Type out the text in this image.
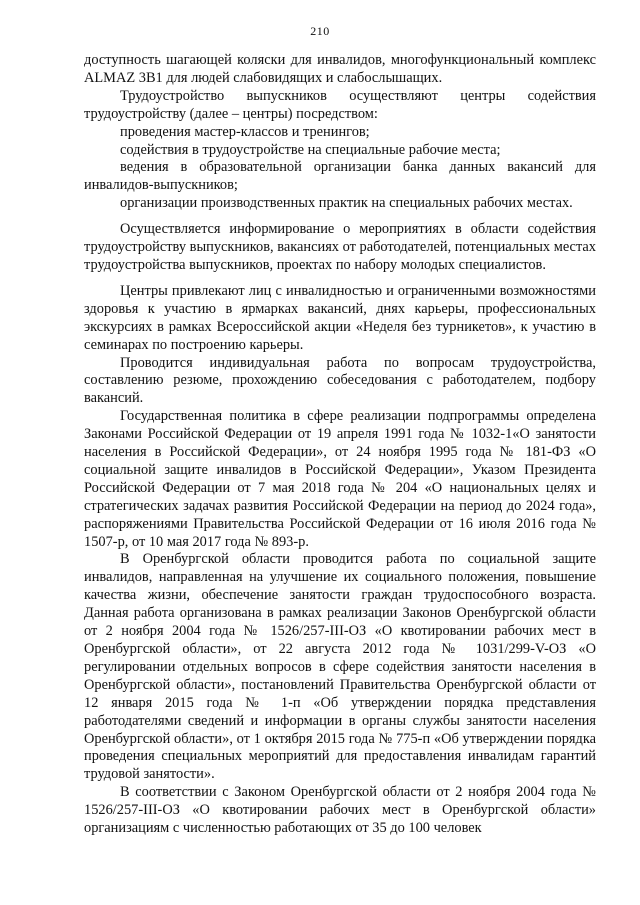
210

доступность шагающей коляски для инвалидов, многофункциональный комплекс ALMAZ 3B1 для людей слабовидящих и слабослышащих.

Трудоустройство выпускников осуществляют центры содействия трудоустройству (далее – центры) посредством:

проведения мастер-классов и тренингов;

содействия в трудоустройстве на специальные рабочие места;

ведения в образовательной организации банка данных вакансий для инвалидов-выпускников;

организации производственных практик на специальных рабочих местах.

Осуществляется информирование о мероприятиях в области содействия трудоустройству выпускников, вакансиях от работодателей, потенциальных местах трудоустройства выпускников, проектах по набору молодых специалистов.

Центры привлекают лиц с инвалидностью и ограниченными возможностями здоровья к участию в ярмарках вакансий, днях карьеры, профессиональных экскурсиях в рамках Всероссийской акции «Неделя без турникетов», к участию в семинарах по построению карьеры.

Проводится индивидуальная работа по вопросам трудоустройства, составлению резюме, прохождению собеседования с работодателем, подбору вакансий.

Государственная политика в сфере реализации подпрограммы определена Законами Российской Федерации от 19 апреля 1991 года № 1032-1«О занятости населения в Российской Федерации», от 24 ноября 1995 года № 181-ФЗ «О социальной защите инвалидов в Российской Федерации», Указом Президента Российской Федерации от 7 мая 2018 года № 204 «О национальных целях и стратегических задачах развития Российской Федерации на период до 2024 года», распоряжениями Правительства Российской Федерации от 16 июля 2016 года № 1507-р, от 10 мая 2017 года № 893-р.

В Оренбургской области проводится работа по социальной защите инвалидов, направленная на улучшение их социального положения, повышение качества жизни, обеспечение занятости граждан трудоспособного возраста. Данная работа организована в рамках реализации Законов Оренбургской области от 2 ноября 2004 года № 1526/257-III-ОЗ «О квотировании рабочих мест в Оренбургской области», от 22 августа 2012 года № 1031/299-V-ОЗ «О регулировании отдельных вопросов в сфере содействия занятости населения в Оренбургской области», постановлений Правительства Оренбургской области от 12 января 2015 года № 1-п «Об утверждении порядка представления работодателями сведений и информации в органы службы занятости населения Оренбургской области», от 1 октября 2015 года № 775-п «Об утверждении порядка проведения специальных мероприятий для предоставления инвалидам гарантий трудовой занятости».

В соответствии с Законом Оренбургской области от 2 ноября 2004 года № 1526/257-III-ОЗ «О квотировании рабочих мест в Оренбургской области» организациям с численностью работающих от 35 до 100 человек
